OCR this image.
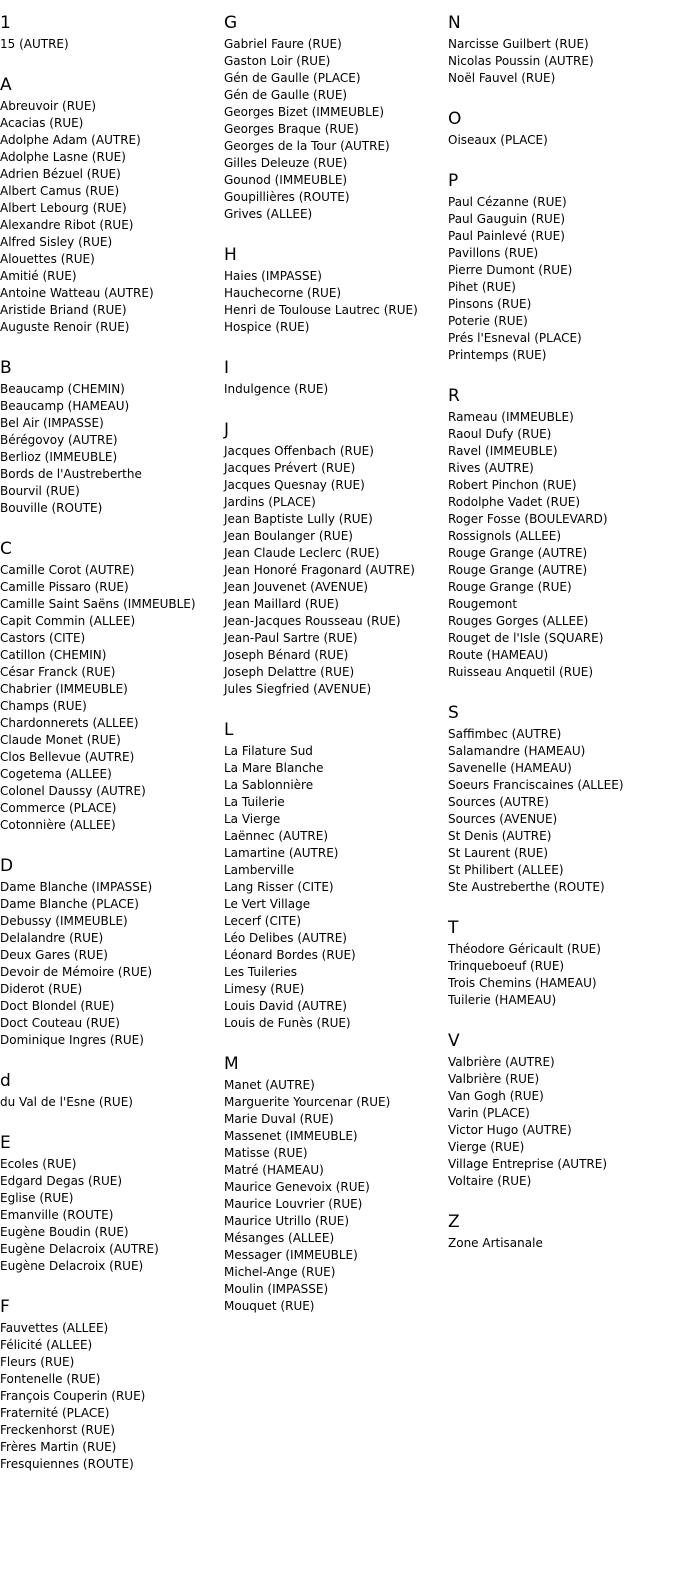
1
15 (AUTRE)
A
Abreuvoir (RUE)
Acacias (RUE)
Adolphe Adam (AUTRE)
Adolphe Lasne (RUE)
Adrien Bézuel (RUE)
Albert Camus (RUE)
Albert Lebourg (RUE)
Alexandre Ribot (RUE)
Alfred Sisley (RUE)
Alouettes (RUE)
Amitié (RUE)
Antoine Watteau (AUTRE)
Aristide Briand (RUE)
Auguste Renoir (RUE)
B
Beaucamp (CHEMIN)
Beaucamp (HAMEAU)
Bel Air (IMPASSE)
Bérégovoy (AUTRE)
Berlioz (IMMEUBLE)
Bords de l'Austreberthe
Bourvil (RUE)
Bouville (ROUTE)
C
Camille Corot (AUTRE)
Camille Pissaro (RUE)
Camille Saint Saëns (IMMEUBLE)
Capit Commin (ALLEE)
Castors (CITE)
Catillon (CHEMIN)
César Franck (RUE)
Chabrier (IMMEUBLE)
Champs (RUE)
Chardonnerets (ALLEE)
Claude Monet (RUE)
Clos Bellevue (AUTRE)
Cogetema (ALLEE)
Colonel Daussy (AUTRE)
Commerce (PLACE)
Cotonnière (ALLEE)
D
Dame Blanche (IMPASSE)
Dame Blanche (PLACE)
Debussy (IMMEUBLE)
Delalandre (RUE)
Deux Gares (RUE)
Devoir de Mémoire (RUE)
Diderot (RUE)
Doct Blondel (RUE)
Doct Couteau (RUE)
Dominique Ingres (RUE)
d
du Val de l'Esne (RUE)
E
Ecoles (RUE)
Edgard Degas (RUE)
Eglise (RUE)
Emanville (ROUTE)
Eugène Boudin (RUE)
Eugène Delacroix (AUTRE)
Eugène Delacroix (RUE)
F
Fauvettes (ALLEE)
Félicité (ALLEE)
Fleurs (RUE)
Fontenelle (RUE)
François Couperin (RUE)
Fraternité (PLACE)
Freckenhorst (RUE)
Frères Martin (RUE)
Fresquiennes (ROUTE)
G
Gabriel Faure (RUE)
Gaston Loir (RUE)
Gén de Gaulle (PLACE)
Gén de Gaulle (RUE)
Georges Bizet (IMMEUBLE)
Georges Braque (RUE)
Georges de la Tour (AUTRE)
Gilles Deleuze (RUE)
Gounod (IMMEUBLE)
Goupillières (ROUTE)
Grives (ALLEE)
H
Haies (IMPASSE)
Hauchecorne (RUE)
Henri de Toulouse Lautrec (RUE)
Hospice (RUE)
I
Indulgence (RUE)
J
Jacques Offenbach (RUE)
Jacques Prévert (RUE)
Jacques Quesnay (RUE)
Jardins (PLACE)
Jean Baptiste Lully (RUE)
Jean Boulanger (RUE)
Jean Claude Leclerc (RUE)
Jean Honoré Fragonard (AUTRE)
Jean Jouvenet (AVENUE)
Jean Maillard (RUE)
Jean-Jacques Rousseau (RUE)
Jean-Paul Sartre (RUE)
Joseph Bénard (RUE)
Joseph Delattre (RUE)
Jules Siegfried (AVENUE)
L
La Filature Sud
La Mare Blanche
La Sablonnière
La Tuilerie
La Vierge
Laënnec (AUTRE)
Lamartine (AUTRE)
Lamberville
Lang Risser (CITE)
Le Vert Village
Lecerf (CITE)
Léo Delibes (AUTRE)
Léonard Bordes (RUE)
Les Tuileries
Limesy (RUE)
Louis David (AUTRE)
Louis de Funès (RUE)
M
Manet (AUTRE)
Marguerite Yourcenar (RUE)
Marie Duval (RUE)
Massenet (IMMEUBLE)
Matisse (RUE)
Matré (HAMEAU)
Maurice Genevoix (RUE)
Maurice Louvrier (RUE)
Maurice Utrillo (RUE)
Mésanges (ALLEE)
Messager (IMMEUBLE)
Michel-Ange (RUE)
Moulin (IMPASSE)
Mouquet (RUE)
N
Narcisse Guilbert (RUE)
Nicolas Poussin (AUTRE)
Noël Fauvel (RUE)
O
Oiseaux (PLACE)
P
Paul Cézanne (RUE)
Paul Gauguin (RUE)
Paul Painlevé (RUE)
Pavillons (RUE)
Pierre Dumont (RUE)
Pihet (RUE)
Pinsons (RUE)
Poterie (RUE)
Prés l'Esneval (PLACE)
Printemps (RUE)
R
Rameau (IMMEUBLE)
Raoul Dufy (RUE)
Ravel (IMMEUBLE)
Rives (AUTRE)
Robert Pinchon (RUE)
Rodolphe Vadet (RUE)
Roger Fosse (BOULEVARD)
Rossignols (ALLEE)
Rouge Grange (AUTRE)
Rouge Grange (AUTRE)
Rouge Grange (RUE)
Rougemont
Rouges Gorges (ALLEE)
Rouget de l'Isle (SQUARE)
Route (HAMEAU)
Ruisseau Anquetil (RUE)
S
Saffimbec (AUTRE)
Salamandre (HAMEAU)
Savenelle (HAMEAU)
Soeurs Franciscaines (ALLEE)
Sources (AUTRE)
Sources (AVENUE)
St Denis (AUTRE)
St Laurent (RUE)
St Philibert (ALLEE)
Ste Austreberthe (ROUTE)
T
Théodore Géricault (RUE)
Trinqueboeuf (RUE)
Trois Chemins (HAMEAU)
Tuilerie (HAMEAU)
V
Valbrière (AUTRE)
Valbrière (RUE)
Van Gogh (RUE)
Varin (PLACE)
Victor Hugo (AUTRE)
Vierge (RUE)
Village Entreprise (AUTRE)
Voltaire (RUE)
Z
Zone Artisanale
